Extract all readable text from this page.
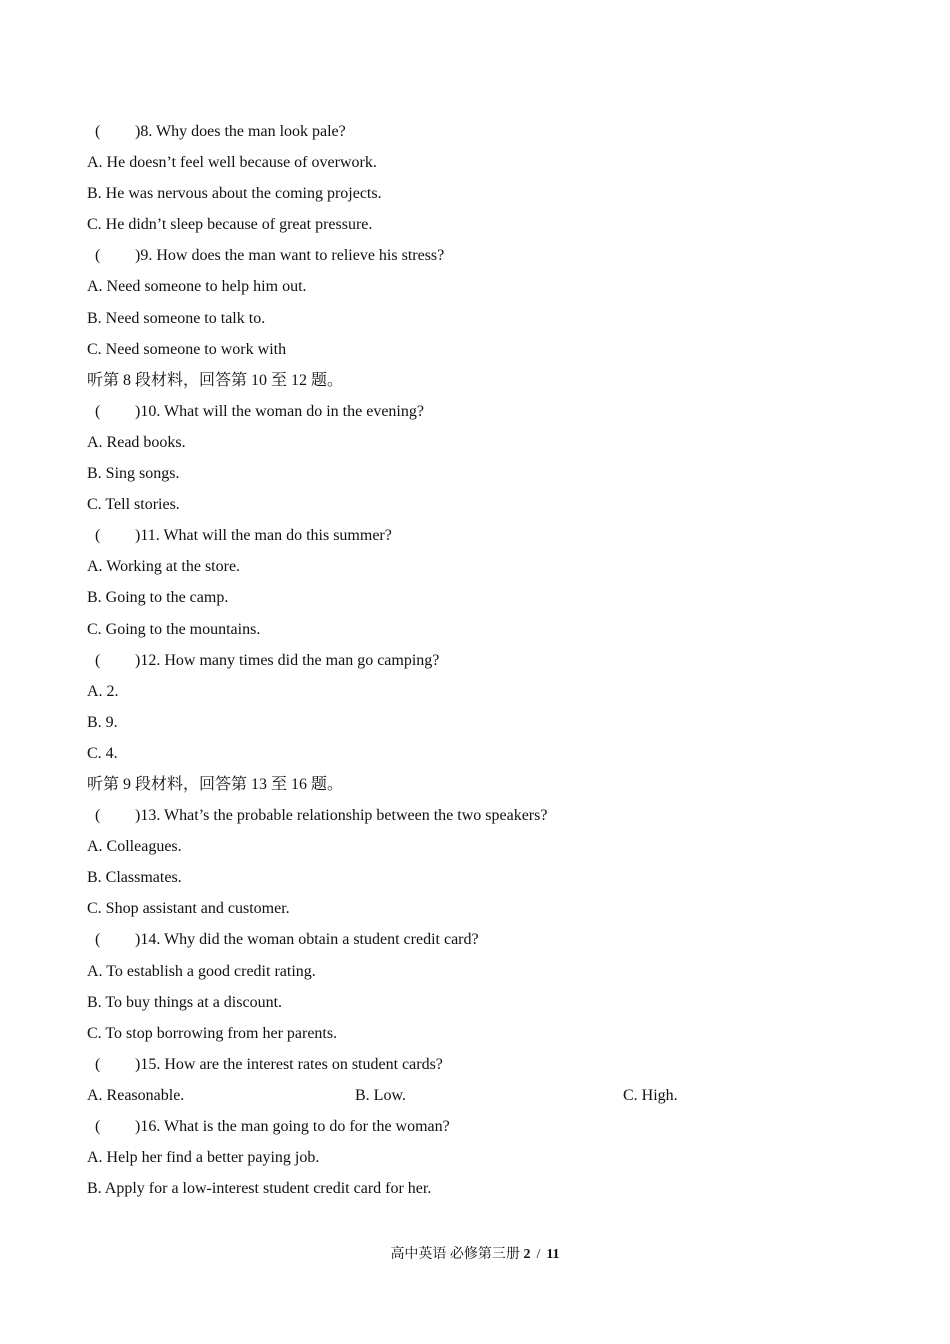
( )8. Why does the man look pale?
A. He doesn’t feel well because of overwork.
B. He was nervous about the coming projects.
C. He didn’t sleep because of great pressure.
( )9. How does the man want to relieve his stress?
A. Need someone to help him out.
B. Need someone to talk to.
C. Need someone to work with
听第 8 段材料，回答第 10 至 12 题。
( )10. What will the woman do in the evening?
A. Read books.
B. Sing songs.
C. Tell stories.
( )11. What will the man do this summer?
A. Working at the store.
B. Going to the camp.
C. Going to the mountains.
( )12. How many times did the man go camping?
A. 2.
B. 9.
C. 4.
听第 9 段材料，回答第 13 至 16 题。
( )13. What’s the probable relationship between the two speakers?
A. Colleagues.
B. Classmates.
C. Shop assistant and customer.
( )14. Why did the woman obtain a student credit card?
A. To establish a good credit rating.
B. To buy things at a discount.
C. To stop borrowing from her parents.
( )15. How are the interest rates on student cards?
A. Reasonable.	B. Low.	C. High.
( )16. What is the man going to do for the woman?
A. Help her find a better paying job.
B. Apply for a low-interest student credit card for her.
高中英语 必修第三册 2 / 11
